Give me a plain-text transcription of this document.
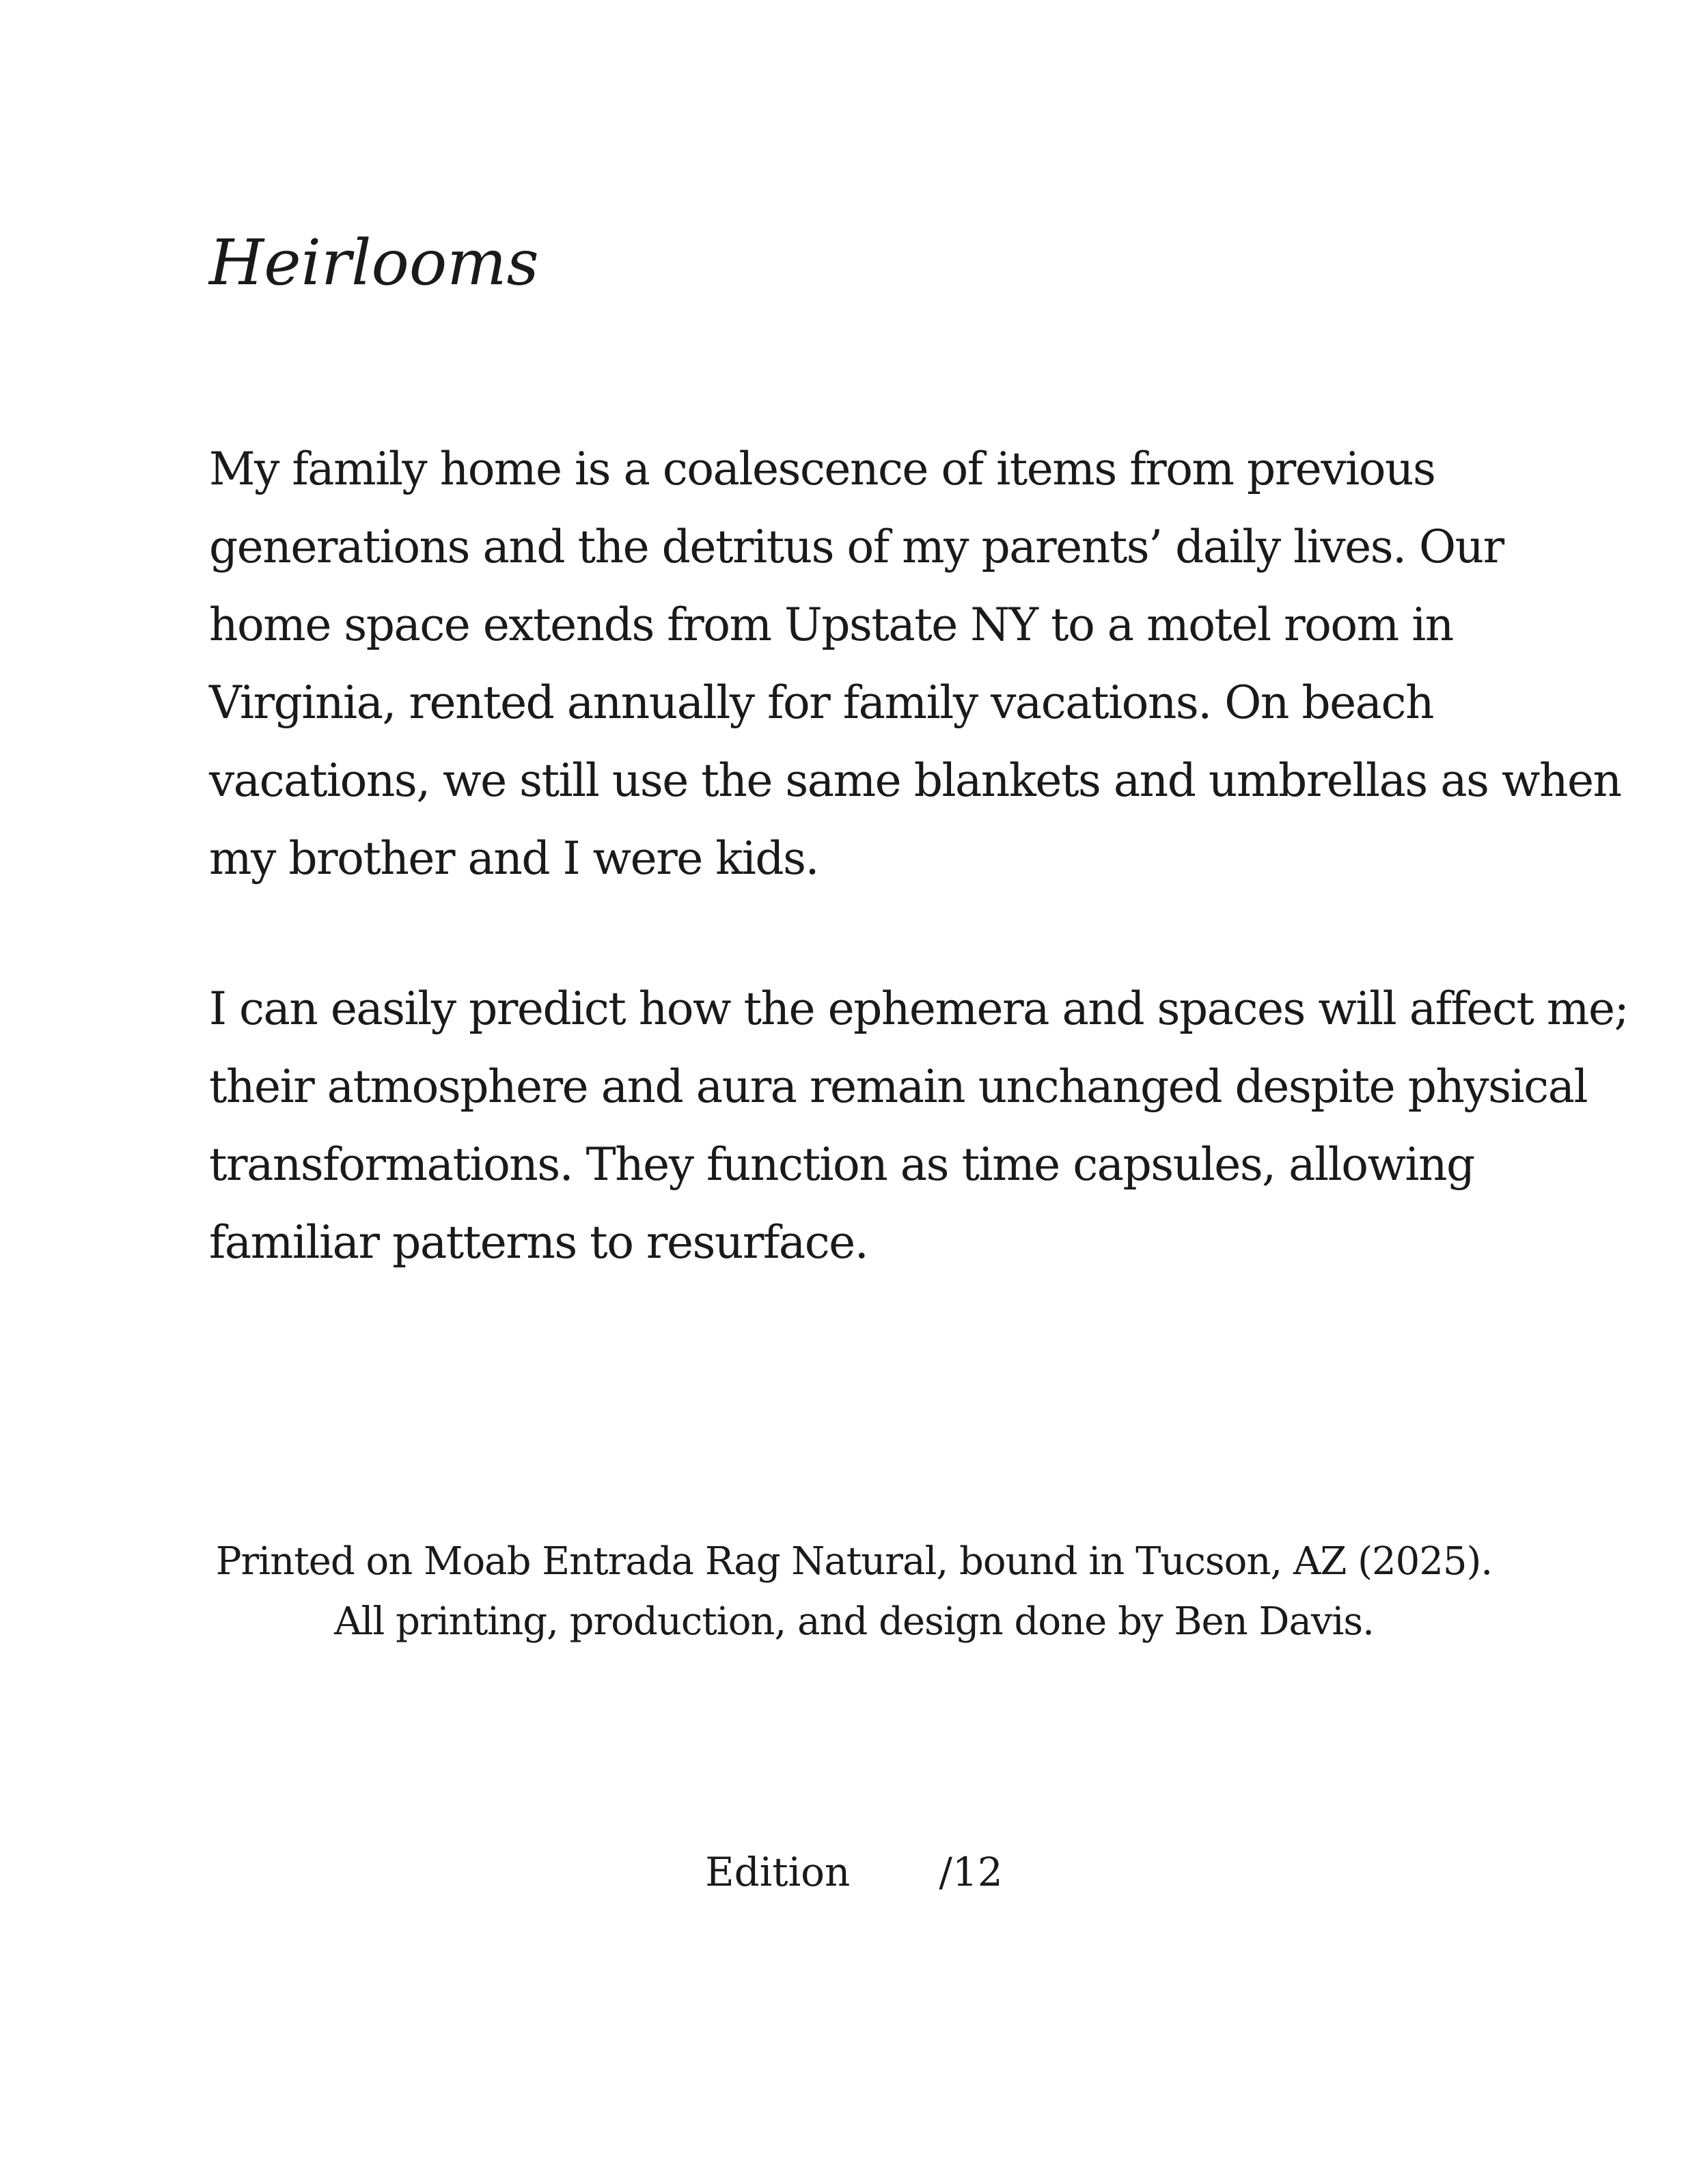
Heirlooms

My family home is a coalescence of items from previous
generations and the detritus of my parents’ daily lives. Our
home space extends from Upstate NY to a motel room in
Virginia, rented annually for family vacations. On beach
vacations, we still use the same blankets and umbrellas as when
my brother and I were kids.

I can easily predict how the ephemera and spaces will affect me;
their atmosphere and aura remain unchanged despite physical
transformations. They function as time capsules, allowing
familiar patterns to resurface.

Printed on Moab Entrada Rag Natural, bound in Tucson, AZ (2025).
All printing, production, and design done by Ben Davis.
Edition /12
